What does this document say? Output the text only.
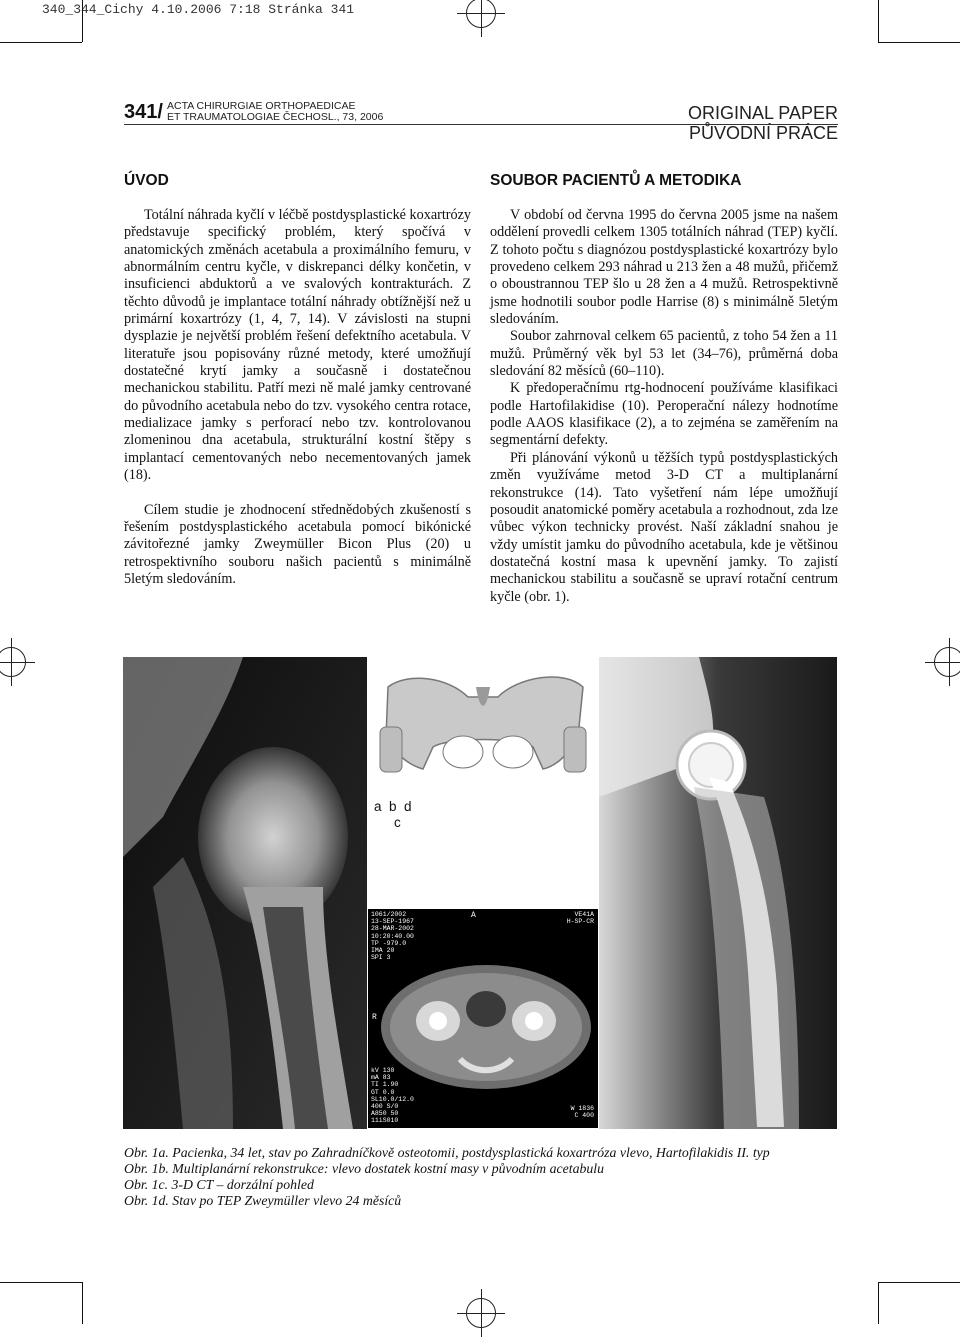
340_344_Cichy 4.10.2006 7:18 Stránka 341
341/ ACTA CHIRURGIAE ORTHOPAEDICAE
ET TRAUMATOLOGIAE ČECHOSL., 73, 2006	ORIGINAL PAPER
PŮVODNÍ PRÁCE
ÚVOD

Totální náhrada kyčlí v léčbě postdysplastické koxartrózy představuje specifický problém, který spočívá v anatomických změnách acetabula a proximálního femuru, v abnormálním centru kyčle, v diskrepanci délky končetin, v insuficienci abduktorů a ve svalových kontrakturách. Z těchto důvodů je implantace totální náhrady obtížnější než u primární koxartrózy (1, 4, 7, 14). V závislosti na stupni dysplazie je největší problém řešení defektního acetabula. V literatuře jsou popisovány různé metody, které umožňují dostatečné krytí jamky a současně i dostatečnou mechanickou stabilitu. Patří mezi ně malé jamky centrované do původního acetabula nebo do tzv. vysokého centra rotace, medializace jamky s perforací nebo tzv. kontrolovanou zlomeninou dna acetabula, strukturální kostní štěpy s implantací cementovaných nebo necementovaných jamek (18).

Cílem studie je zhodnocení střednědobých zkušeností s řešením postdysplastického acetabula pomocí bikónické závitořezné jamky Zweymüller Bicon Plus (20) u retrospektivního souboru našich pacientů s minimálně 5letým sledováním.

SOUBOR PACIENTŮ A METODIKA

V období od června 1995 do června 2005 jsme na našem oddělení provedli celkem 1305 totálních náhrad (TEP) kyčlí. Z tohoto počtu s diagnózou postdysplastické koxartrózy bylo provedeno celkem 293 náhrad u 213 žen a 48 mužů, přičemž o oboustrannou TEP šlo u 28 žen a 4 mužů. Retrospektivně jsme hodnotili soubor podle Harrise (8) s minimálně 5letým sledováním.

Soubor zahrnoval celkem 65 pacientů, z toho 54 žen a 11 mužů. Průměrný věk byl 53 let (34–76), průměrná doba sledování 82 měsíců (60–110).

K předoperačnímu rtg-hodnocení používáme klasifikaci podle Hartofilakidise (10). Peroperační nálezy hodnotíme podle AAOS klasifikace (2), a to zejména se zaměřením na segmentární defekty.

Při plánování výkonů u těžších typů postdysplastických změn využíváme metod 3-D CT a multiplanární rekonstrukce (14). Tato vyšetření nám lépe umožňují posoudit anatomické poměry acetabula a rozhodnout, zda lze vůbec výkon technicky provést. Naší základní snahou je vždy umístit jamku do původního acetabula, kde je většinou dostatečná kostní masa k upevnění jamky. To zajistí mechanickou stabilitu a současně se upraví rotační centrum kyčle (obr. 1).

a  b  d
c
1061/2002
13-SEP-1967
28-MAR-2002
10:20:40.00
TP -979.0
IMA 20
SPI 3
A	VE41A
H-SP-CR
R
kV 130
mA 83
TI 1.90
GT 0.0
SL10.0/12.0
400 S/0
A850 50
11iS010
W 1836
C 400
Obr. 1a. Pacienka, 34 let, stav po Zahradníčkově osteotomii, postdysplastická koxartróza vlevo, Hartofilakidis II. typ
Obr. 1b. Multiplanární rekonstrukce: vlevo dostatek kostní masy v původním acetabulu
Obr. 1c. 3-D CT – dorzální pohled
Obr. 1d. Stav po TEP Zweymüller vlevo 24 měsíců
